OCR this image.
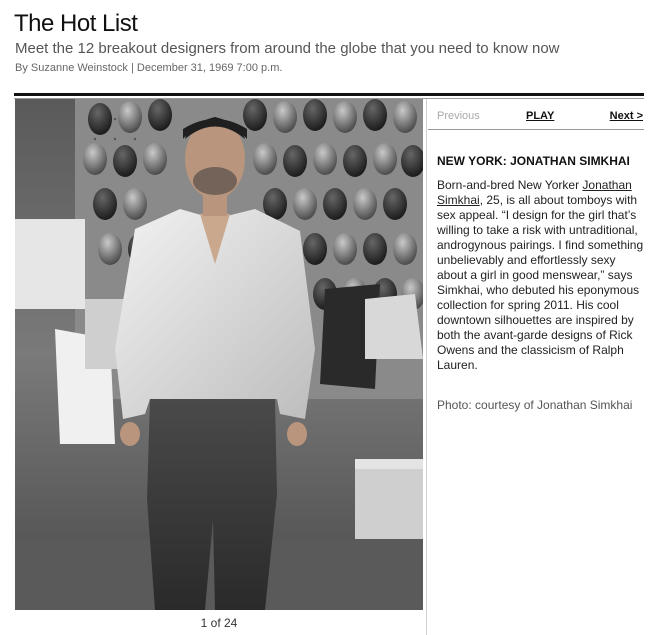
The Hot List
Meet the 12 breakout designers from around the globe that you need to know now
By Suzanne Weinstock | December 31, 1969 7:00 p.m.
1 of 24
Previous	PLAY	Next >
NEW YORK: JONATHAN SIMKHAI
Born-and-bred New Yorker Jonathan Simkhai, 25, is all about tomboys with sex appeal. “I design for the girl that’s willing to take a risk with untraditional, androgynous pairings. I find something unbelievably and effortlessly sexy about a girl in good menswear,” says Simkhai, who debuted his eponymous collection for spring 2011. His cool downtown silhouettes are inspired by both the avant-garde designs of Rick Owens and the classicism of Ralph Lauren.
Photo: courtesy of Jonathan Simkhai
